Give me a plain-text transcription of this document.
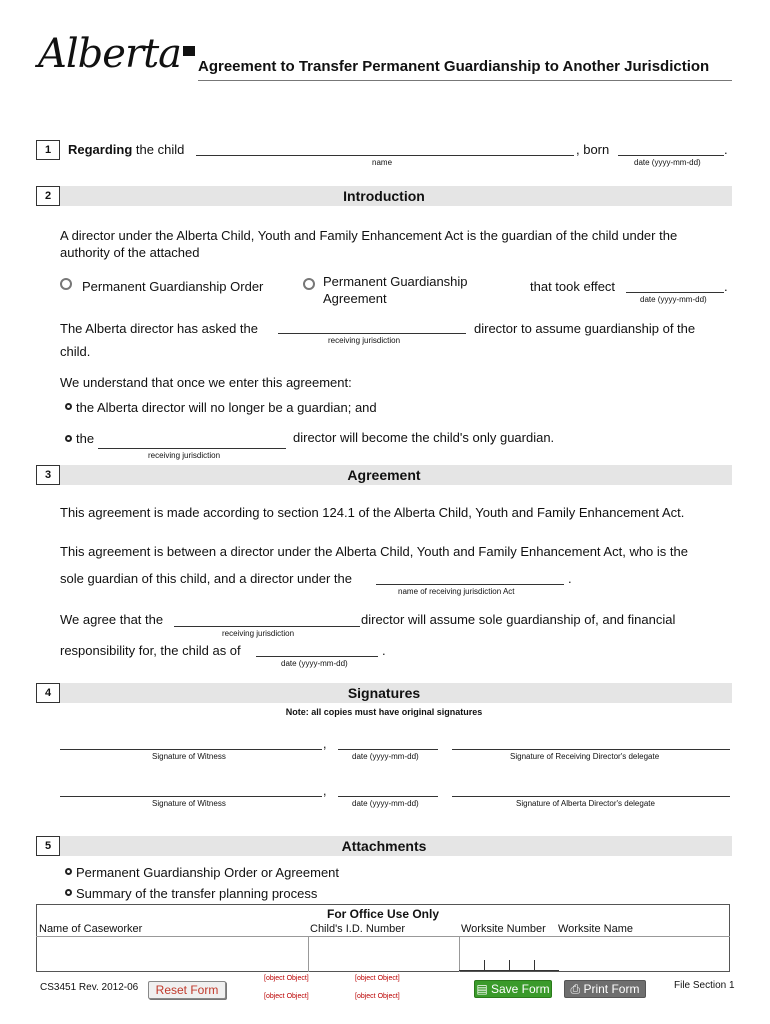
Alberta	Agreement to Transfer Permanent Guardianship to Another Jurisdiction
1	Regarding the child
name
, born	.
date (yyyy-mm-dd)
Introduction
2
A director under the Alberta Child, Youth and Family Enhancement Act is the guardian of the child under the
authority of the attached
Permanent Guardianship Order	Permanent Guardianship
Agreement
that took effect	.
date (yyyy-mm-dd)
The Alberta director has asked the
receiving jurisdiction
director to assume guardianship of the
child.
We understand that once we enter this agreement:
the Alberta director will no longer be a guardian; and
the
receiving jurisdiction
director will become the child's only guardian.
Agreement
3
This agreement is made according to section 124.1 of the Alberta Child, Youth and Family Enhancement Act.
This agreement is between a director under the Alberta Child, Youth and Family Enhancement Act, who is the
sole guardian of this child, and a director under the	.
name of receiving jurisdiction Act
We agree that the
receiving jurisdiction
director will assume sole guardianship of, and financial
responsibility for, the child as of	.
date (yyyy-mm-dd)
Signatures
4
Note: all copies must have original signatures
,
Signature of Witness	date (yyyy-mm-dd)	Signature of Receiving Director's delegate
,
Signature of Witness	date (yyyy-mm-dd)	Signature of Alberta Director's delegate
Attachments
5
Permanent Guardianship Order or Agreement
Summary of the transfer planning process
For Office Use Only
Name of Caseworker	Child's I.D. Number	Worksite Number Worksite Name
CS3451 Rev. 2012-06	Reset Form
[object Object]
[object Object]
[object Object]
[object Object]
▤ Save Form	⎙ Print Form	File Section 1
